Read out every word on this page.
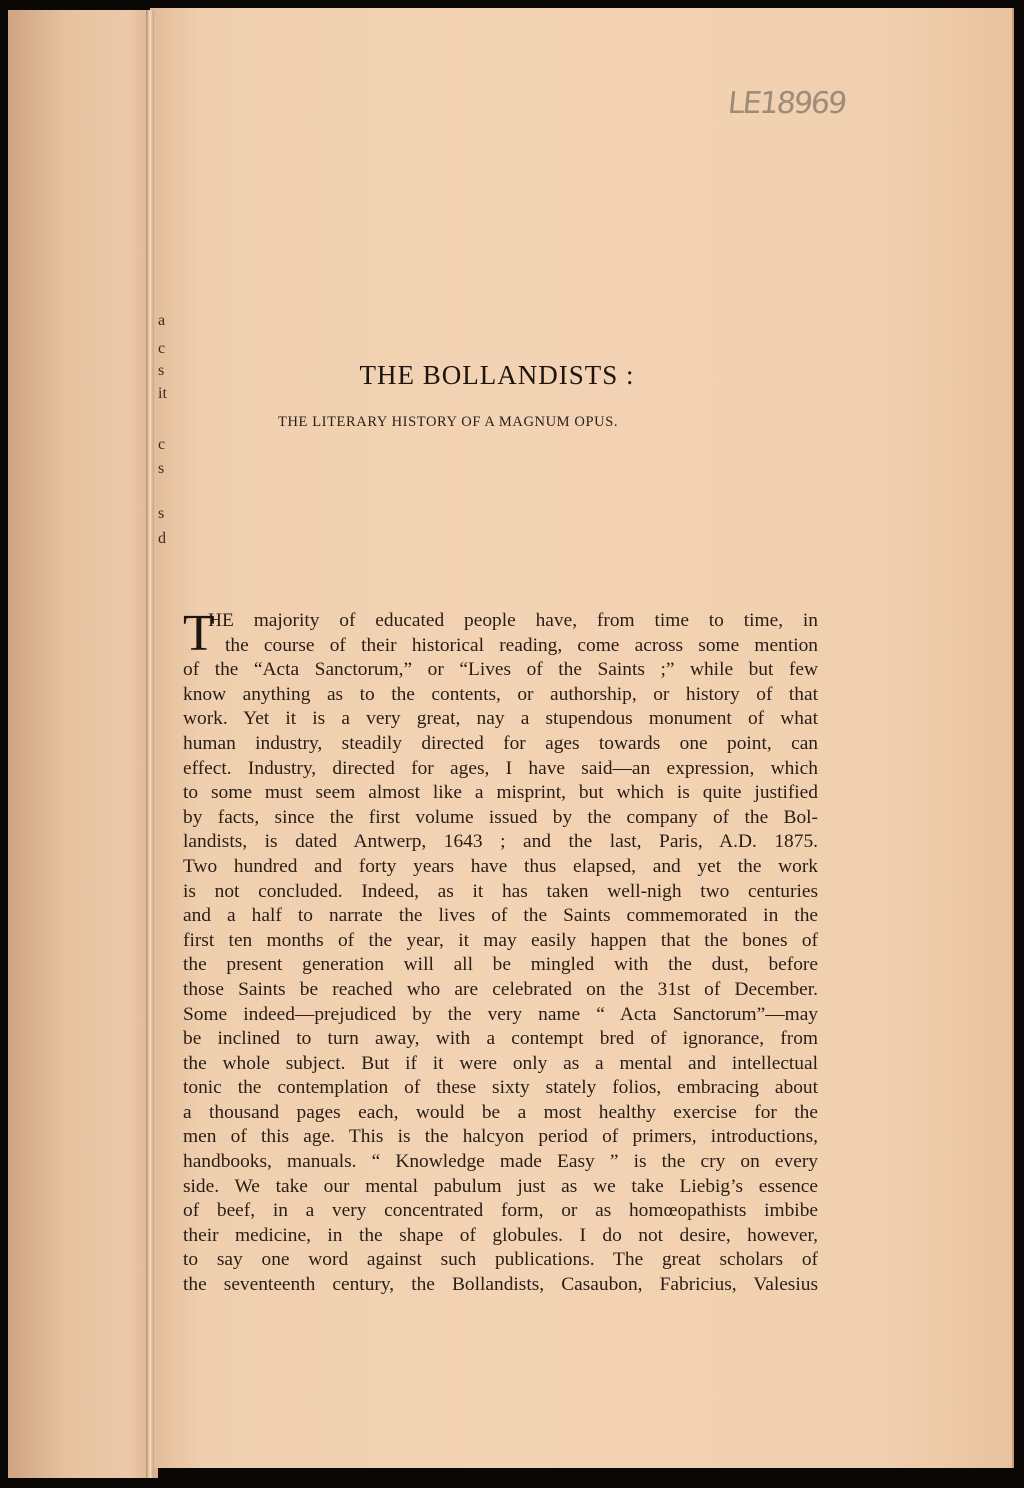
a
c
s
it
c
s
s
d
LE18969
THE BOLLANDISTS :
THE LITERARY HISTORY OF A MAGNUM OPUS.
T
HE majority of educated people have, from time to time, in
the course of their historical reading, come across some mention
of the “Acta Sanctorum,” or “Lives of the Saints ;” while but few
know anything as to the contents, or authorship, or history of that
work. Yet it is a very great, nay a stupendous monument of what
human industry, steadily directed for ages towards one point, can
effect. Industry, directed for ages, I have said—an expression, which
to some must seem almost like a misprint, but which is quite justified
by facts, since the first volume issued by the company of the Bol-
landists, is dated Antwerp, 1643 ; and the last, Paris, A.D. 1875.
Two hundred and forty years have thus elapsed, and yet the work
is not concluded. Indeed, as it has taken well-nigh two centuries
and a half to narrate the lives of the Saints commemorated in the
first ten months of the year, it may easily happen that the bones of
the present generation will all be mingled with the dust, before
those Saints be reached who are celebrated on the 31st of December.
Some indeed—prejudiced by the very name “ Acta Sanctorum”—may
be inclined to turn away, with a contempt bred of ignorance, from
the whole subject. But if it were only as a mental and intellectual
tonic the contemplation of these sixty stately folios, embracing about
a thousand pages each, would be a most healthy exercise for the
men of this age. This is the halcyon period of primers, introductions,
handbooks, manuals. “ Knowledge made Easy ” is the cry on every
side. We take our mental pabulum just as we take Liebig’s essence
of beef, in a very concentrated form, or as homœopathists imbibe
their medicine, in the shape of globules. I do not desire, however,
to say one word against such publications. The great scholars of
the seventeenth century, the Bollandists, Casaubon, Fabricius, Valesius
